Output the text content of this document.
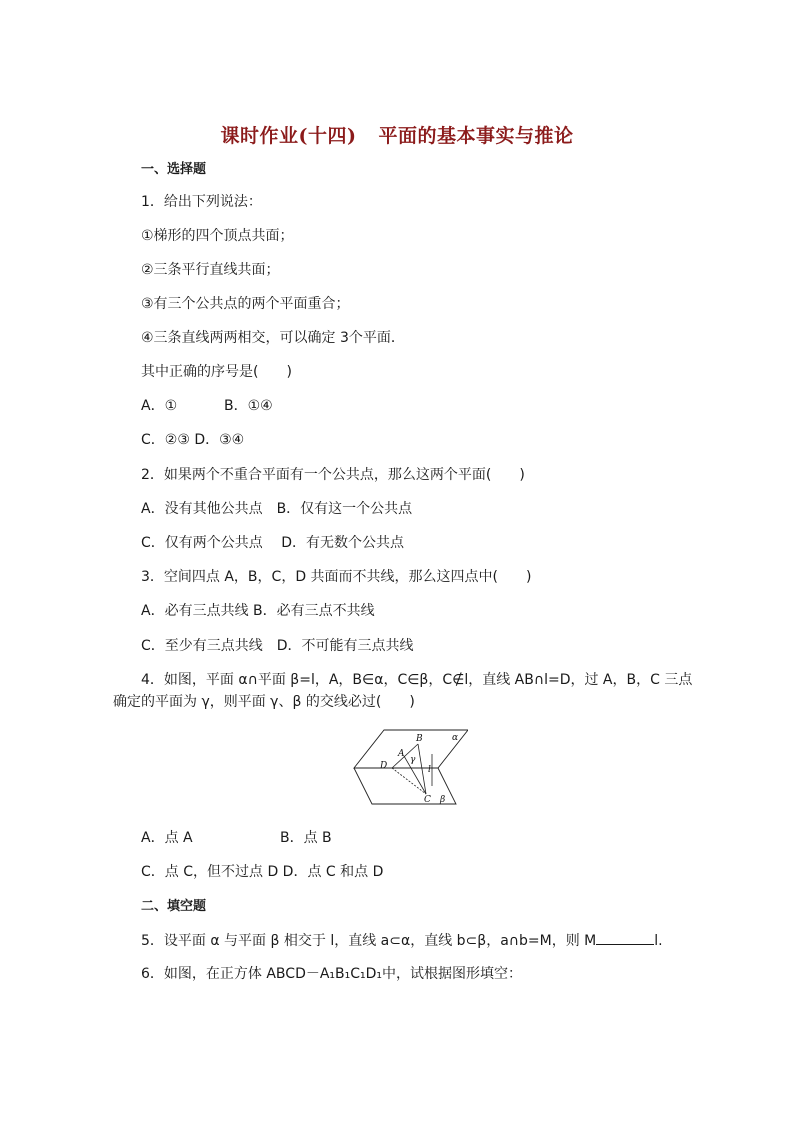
课时作业(十四) 平面的基本事实与推论
一、选择题
1．给出下列说法：
①梯形的四个顶点共面；
②三条平行直线共面；
③有三个公共点的两个平面重合；
④三条直线两两相交，可以确定 3个平面．
其中正确的序号是(　　)
A．①	B．①④
C．②③ D．③④
2．如果两个不重合平面有一个公共点，那么这两个平面(　　)
A．没有其他公共点　B．仅有这一个公共点
C．仅有两个公共点　 D．有无数个公共点
3．空间四点 A，B，C，D 共面而不共线，那么这四点中(　　)
A．必有三点共线 B．必有三点不共线
C．至少有三点共线　D．不可能有三点共线
4．如图，平面 α∩平面 β=l，A，B∈α，C∈β，C∉l，直线 AB∩l=D，过 A，B，C 三点
确定的平面为 γ，则平面 γ、β 的交线必过(　　)
α
β
γ
A
B
C
D	l
A．点 A	B．点 B
C．点 C，但不过点 D D．点 C 和点 D
二、填空题
5．设平面 α 与平面 β 相交于 l，直线 a⊂α，直线 b⊂β，a∩b=M，则 M	l.
6．如图，在正方体 ABCD－A₁B₁C₁D₁中，试根据图形填空：
